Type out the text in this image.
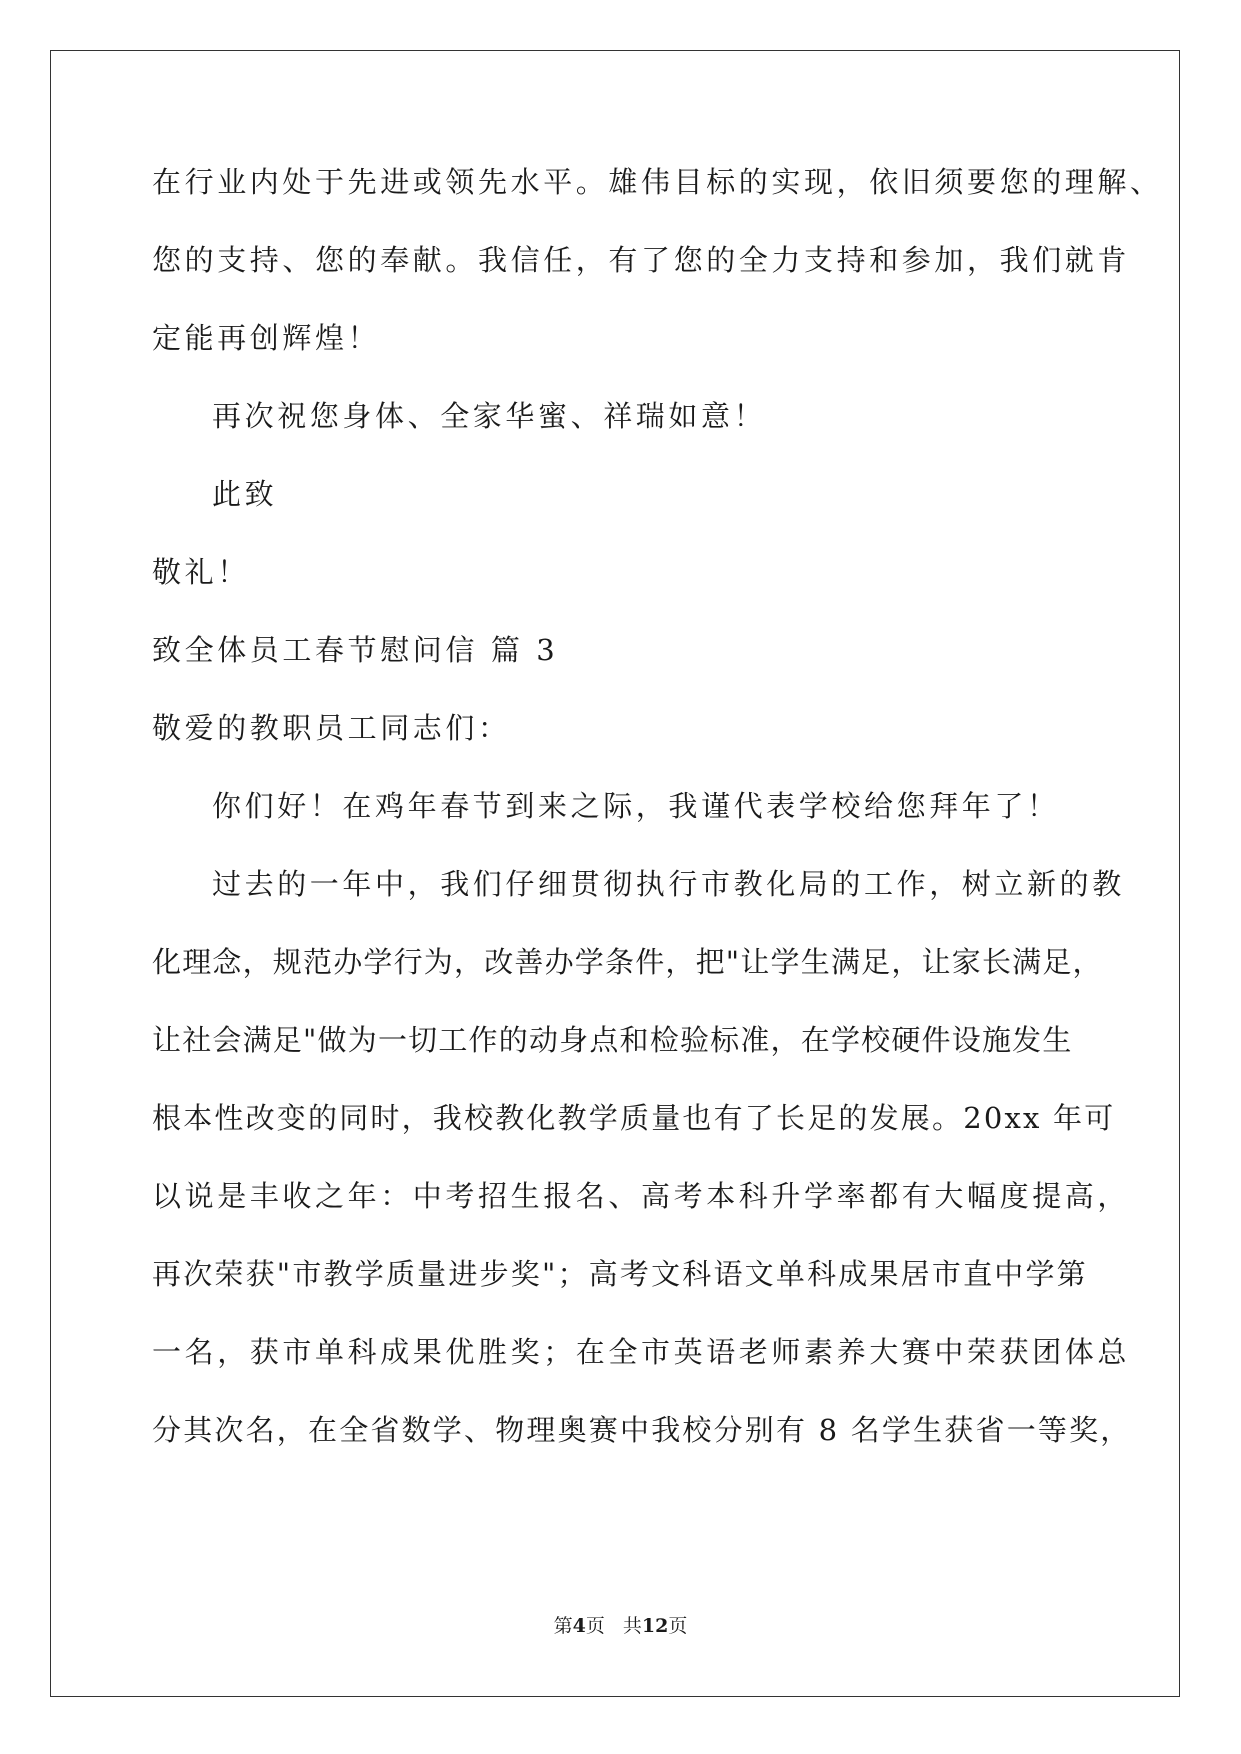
在行业内处于先进或领先水平。雄伟目标的实现，依旧须要您的理解、
您的支持、您的奉献。我信任，有了您的全力支持和参加，我们就肯
定能再创辉煌！
再次祝您身体、全家华蜜、祥瑞如意！
此致
敬礼！
致全体员工春节慰问信 篇 3
敬爱的教职员工同志们：
你们好！在鸡年春节到来之际，我谨代表学校给您拜年了！
过去的一年中，我们仔细贯彻执行市教化局的工作，树立新的教
化理念，规范办学行为，改善办学条件，把"让学生满足，让家长满足，
让社会满足"做为一切工作的动身点和检验标准，在学校硬件设施发生
根本性改变的同时，我校教化教学质量也有了长足的发展。20xx 年可
以说是丰收之年：中考招生报名、高考本科升学率都有大幅度提高，
再次荣获"市教学质量进步奖"；高考文科语文单科成果居市直中学第
一名，获市单科成果优胜奖；在全市英语老师素养大赛中荣获团体总
分其次名，在全省数学、物理奥赛中我校分别有 8 名学生获省一等奖，
第4页 共12页
